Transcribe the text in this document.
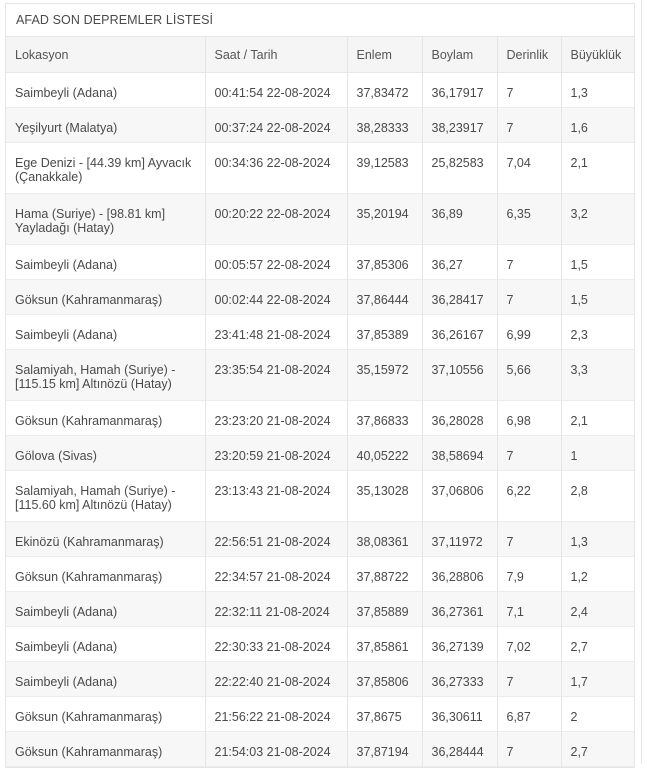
AFAD SON DEPREMLER LİSTESİ
Lokasyon	Saat / Tarih	Enlem	Boylam	Derinlik	Büyüklük
Saimbeyli (Adana)	00:41:54 22-08-2024	37,83472	36,17917	7	1,3
Yeşilyurt (Malatya)	00:37:24 22-08-2024	38,28333	38,23917	7	1,6
Ege Denizi - [44.39 km] Ayvacık (Çanakkale)	00:34:36 22-08-2024	39,12583	25,82583	7,04	2,1
Hama (Suriye) - [98.81 km] Yayladağı (Hatay)	00:20:22 22-08-2024	35,20194	36,89	6,35	3,2
Saimbeyli (Adana)	00:05:57 22-08-2024	37,85306	36,27	7	1,5
Göksun (Kahramanmaraş)	00:02:44 22-08-2024	37,86444	36,28417	7	1,5
Saimbeyli (Adana)	23:41:48 21-08-2024	37,85389	36,26167	6,99	2,3
Salamiyah, Hamah (Suriye) - [115.15 km] Altınözü (Hatay)	23:35:54 21-08-2024	35,15972	37,10556	5,66	3,3
Göksun (Kahramanmaraş)	23:23:20 21-08-2024	37,86833	36,28028	6,98	2,1
Gölova (Sivas)	23:20:59 21-08-2024	40,05222	38,58694	7	1
Salamiyah, Hamah (Suriye) - [115.60 km] Altınözü (Hatay)	23:13:43 21-08-2024	35,13028	37,06806	6,22	2,8
Ekinözü (Kahramanmaraş)	22:56:51 21-08-2024	38,08361	37,11972	7	1,3
Göksun (Kahramanmaraş)	22:34:57 21-08-2024	37,88722	36,28806	7,9	1,2
Saimbeyli (Adana)	22:32:11 21-08-2024	37,85889	36,27361	7,1	2,4
Saimbeyli (Adana)	22:30:33 21-08-2024	37,85861	36,27139	7,02	2,7
Saimbeyli (Adana)	22:22:40 21-08-2024	37,85806	36,27333	7	1,7
Göksun (Kahramanmaraş)	21:56:22 21-08-2024	37,8675	36,30611	6,87	2
Göksun (Kahramanmaraş)	21:54:03 21-08-2024	37,87194	36,28444	7	2,7
